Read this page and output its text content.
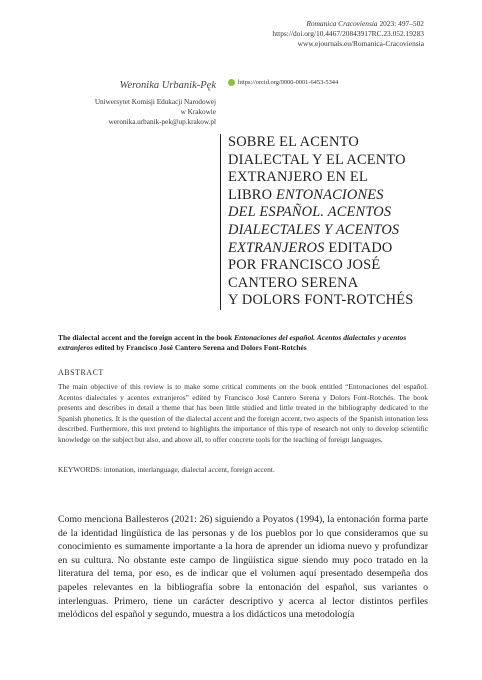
Romanica Cracoviensia 2023: 497–502
https://doi.org/10.4467/20843917RC.23.052.19283
www.ejournals.eu/Romanica-Cracoviensia
Weronika Urbanik-Pęk
Uniwersytet Komisji Edukacji Narodowej
w Krakowie
weronika.urbanik-pek@up.krakow.pl
https://orcid.org/0000-0001-6453-5344
SOBRE EL ACENTO
DIALECTAL Y EL ACENTO
EXTRANJERO EN EL
LIBRO ENTONACIONES
DEL ESPAÑOL. ACENTOS
DIALECTALES Y ACENTOS
EXTRANJEROS EDITADO
POR FRANCISCO JOSÉ
CANTERO SERENA
Y DOLORS FONT-ROTCHÉS
The dialectal accent and the foreign accent in the book Entonaciones del español. Acentos dialectales y acentos extranjeros edited by Francisco José Cantero Serena and Dolors Font-Rotchés
ABSTRACT
The main objective of this review is to make some critical comments on the book entitled “Entonaciones del español. Acentos dialectales y acentos extranjeros” edited by Francisco José Cantero Serena y Dolors Font-Rotchés. The book presents and describes in detail a theme that has been little studied and little treated in the bibliography dedicated to the Spanish phonetics. It is the question of the dialectal accent and the foreign accent, two aspects of the Spanish intonation less described. Furthermore, this text pretend to highlights the importance of this type of research not only to develop scientific knowledge on the subject but also, and above all, to offer concrete tools for the teaching of foreign languages.
KEYWORDS: intonation, interlanguage, dialectal accent, foreign accent.
Como menciona Ballesteros (2021: 26) siguiendo a Poyatos (1994), la entonación forma parte de la identidad lingüística de las personas y de los pueblos por lo que consideramos que su conocimiento es sumamente importante a la hora de aprender un idioma nuevo y profundizar en su cultura. No obstante este campo de lingüística sigue siendo muy poco tratado en la literatura del tema, por eso, es de indicar que el volumen aquí presentado desempeña dos papeles relevantes en la bibliografía sobre la entonación del español, sus variantes o interlenguas. Primero, tiene un carácter descriptivo y acerca al lector distintos perfiles melódicos del español y segundo, muestra a los didácticos una metodología
